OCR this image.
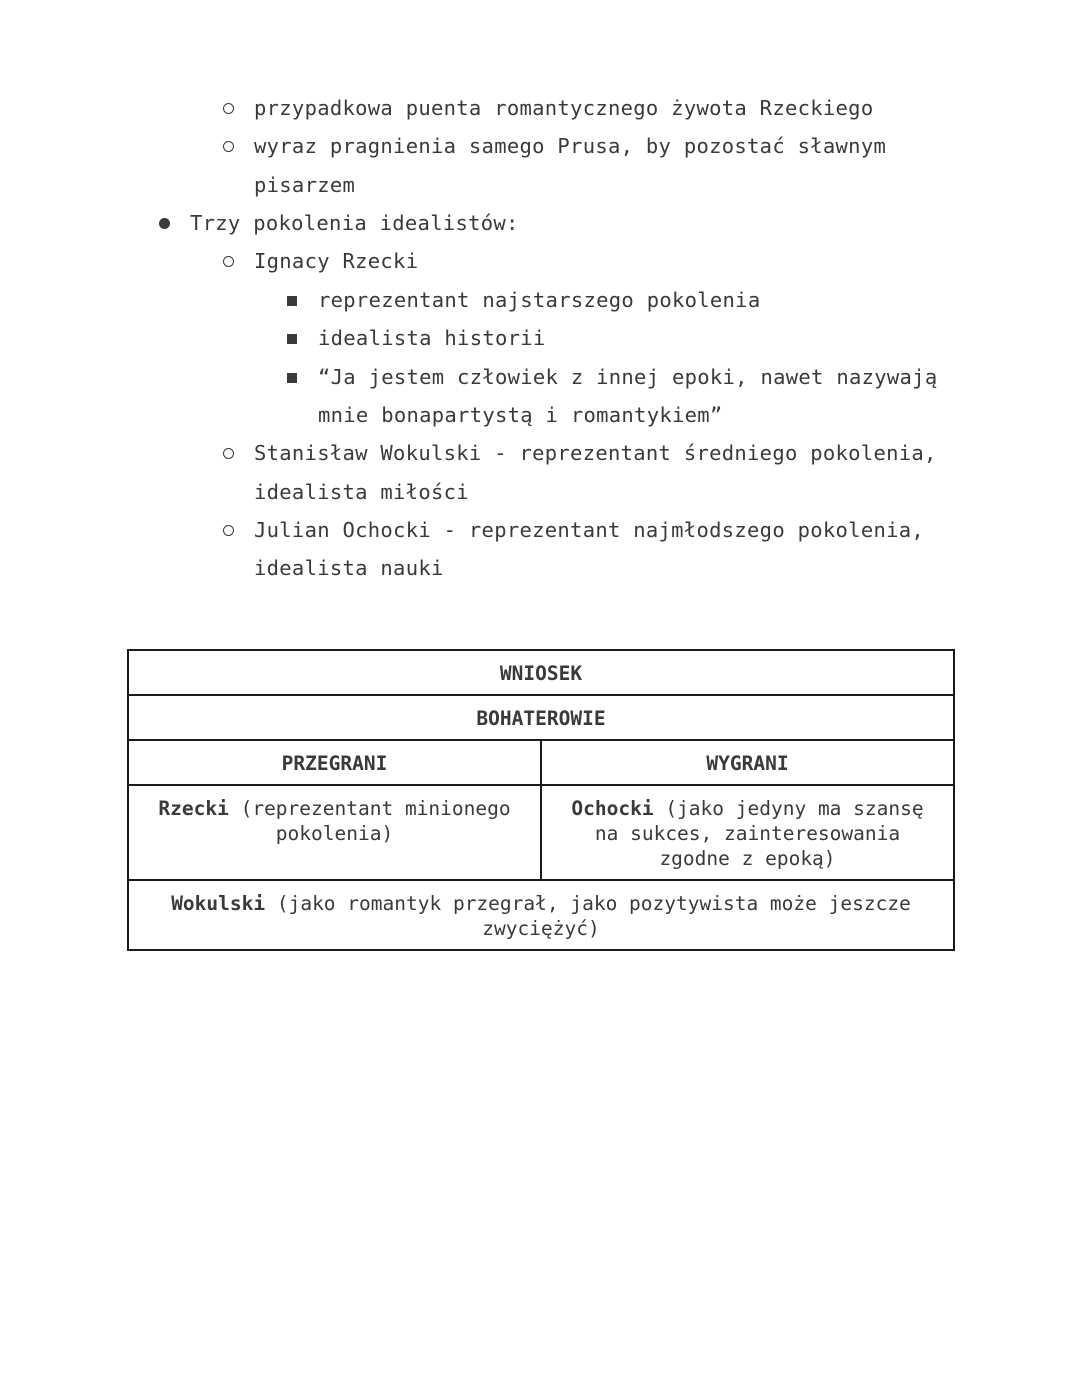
przypadkowa puenta romantycznego żywota Rzeckiego
wyraz pragnienia samego Prusa, by pozostać sławnym
pisarzem
Trzy pokolenia idealistów:
Ignacy Rzecki
reprezentant najstarszego pokolenia
idealista historii
“Ja jestem człowiek z innej epoki, nawet nazywają
mnie bonapartystą i romantykiem”
Stanisław Wokulski - reprezentant średniego pokolenia,
idealista miłości
Julian Ochocki - reprezentant najmłodszego pokolenia,
idealista nauki
WNIOSEK	
BOHATEROWIE	
PRZEGRANI	WYGRANI
Rzecki (reprezentant minionego pokolenia)	Ochocki (jako jedyny ma szansę na sukces, zainteresowania zgodne z epoką)
Wokulski (jako romantyk przegrał, jako pozytywista może jeszcze zwyciężyć)	
